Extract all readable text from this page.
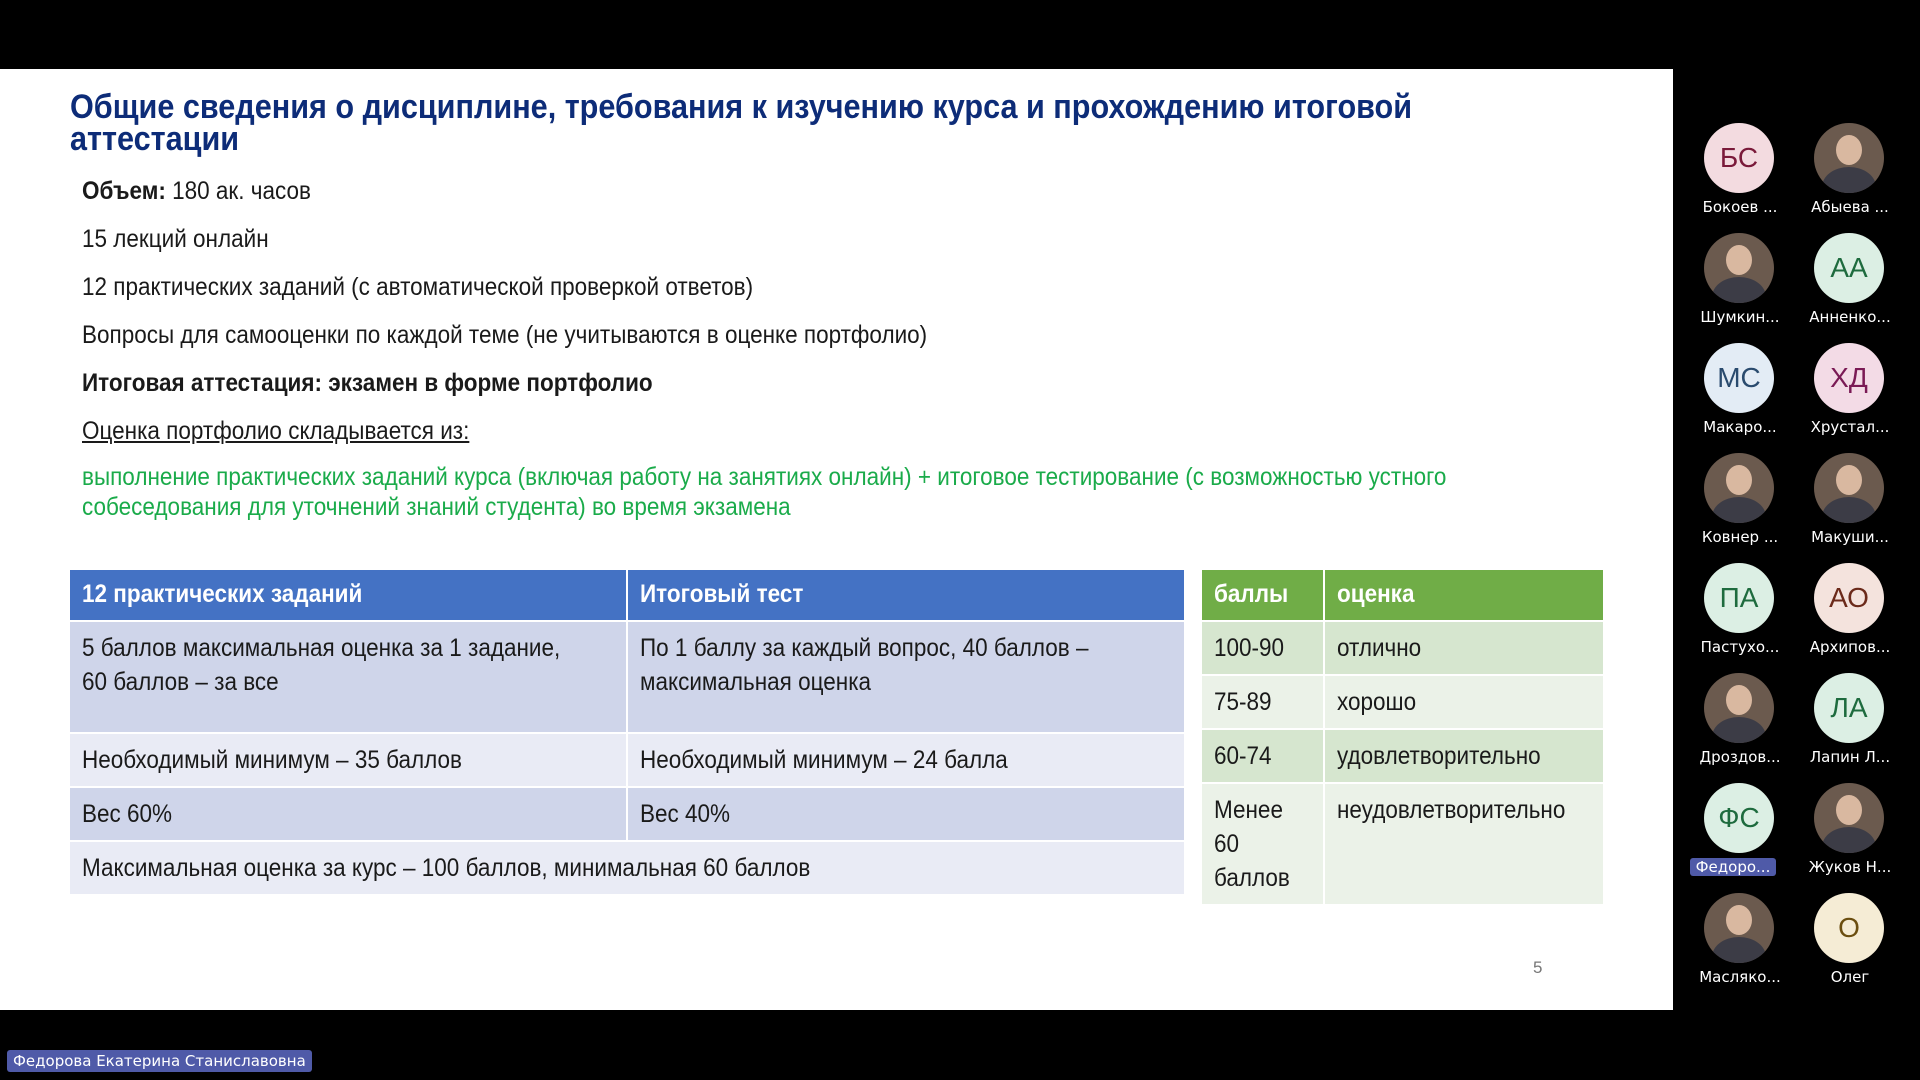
Общие сведения о дисциплине, требования к изучению курса и прохождению итоговой аттестации
Объем: 180 ак. часов
15 лекций онлайн
12 практических заданий (с автоматической проверкой ответов)
Вопросы для самооценки по каждой теме (не учитываются в оценке портфолио)
Итоговая аттестация: экзамен в форме портфолио
Оценка портфолио складывается из:
выполнение практических заданий курса (включая работу на занятиях онлайн) + итоговое тестирование (с возможностью устного собеседования для уточнений знаний студента) во время экзамена
12 практических заданий	Итоговый тест
5 баллов максимальная оценка за 1 задание, 60 баллов – за все	По 1 баллу за каждый вопрос, 40 баллов – максимальная оценка
Необходимый минимум – 35 баллов	Необходимый минимум – 24 балла
Вес 60%	Вес 40%
Максимальная оценка за курс – 100 баллов, минимальная 60 баллов	
баллы	оценка
100-90	отлично
75-89	хорошо
60-74	удовлетворительно
Менее 60 баллов	неудовлетворительно
5
БС
Бокоев ...	Абыева ...
Шумкин...
АА
Анненко...
МС
Макаро...
ХД
Хрустал...
Ковнер ...	Макуши...
ПА
Пастухо...
АО
Архипов...
Дроздов...
ЛА
Лапин Л...
ФС
Федоро...	Жуков Н...
Масляко...
О
Олег
Федорова Екатерина Станиславовна
